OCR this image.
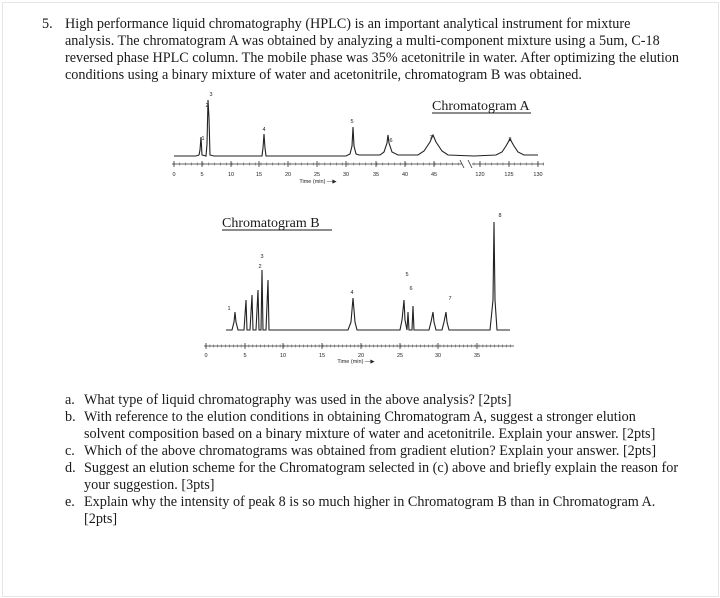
5. High performance liquid chromatography (HPLC) is an important analytical instrument for mixture
analysis. The chromatogram A was obtained by analyzing a multi-component mixture using a 5um, C-18
reversed phase HPLC column. The mobile phase was 35% acetonitrile in water. After optimizing the elution
conditions using a binary mixture of water and acetonitrile, chromatogram B was obtained.
Chromatogram A
0	5	10	15	20	25	30	35	40	45	120	125	130
Time (min) —▶
1
2
3
4
5
6	7	8
Chromatogram B
0	5	10	15	20	25	30	35
Time (min) —▶
1
2
3
4
5
6
7
8
a. What type of liquid chromatography was used in the above analysis? [2pts]
b. With reference to the elution conditions in obtaining Chromatogram A, suggest a stronger elution
solvent composition based on a binary mixture of water and acetonitrile. Explain your answer. [2pts]
c. Which of the above chromatograms was obtained from gradient elution? Explain your answer. [2pts]
d. Suggest an elution scheme for the Chromatogram selected in (c) above and briefly explain the reason for
your suggestion. [3pts]
e. Explain why the intensity of peak 8 is so much higher in Chromatogram B than in Chromatogram A.
[2pts]
